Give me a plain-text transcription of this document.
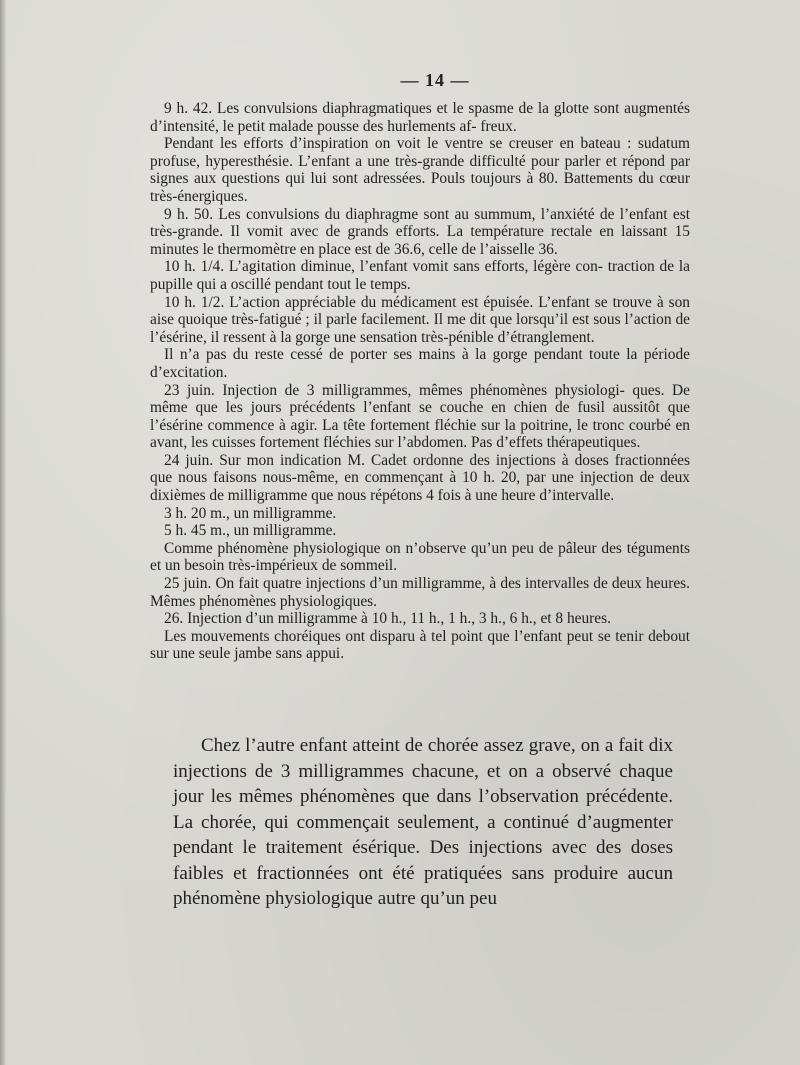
— 14 —

9 h. 42. Les convulsions diaphragmatiques et le spasme de la glotte sont augmentés d’intensité, le petit malade pousse des hurlements af- freux.

Pendant les efforts d’inspiration on voit le ventre se creuser en bateau : sudatum profuse, hyperesthésie. L’enfant a une très-grande difficulté pour parler et répond par signes aux questions qui lui sont adressées. Pouls toujours à 80. Battements du cœur très-énergiques.

9 h. 50. Les convulsions du diaphragme sont au summum, l’anxiété de l’enfant est très-grande. Il vomit avec de grands efforts. La température rectale en laissant 15 minutes le thermomètre en place est de 36.6, celle de l’aisselle 36.

10 h. 1/4. L’agitation diminue, l’enfant vomit sans efforts, légère con- traction de la pupille qui a oscillé pendant tout le temps.

10 h. 1/2. L’action appréciable du médicament est épuisée. L’enfant se trouve à son aise quoique très-fatigué ; il parle facilement. Il me dit que lorsqu’il est sous l’action de l’ésérine, il ressent à la gorge une sensation très-pénible d’étranglement.

Il n’a pas du reste cessé de porter ses mains à la gorge pendant toute la période d’excitation.

23 juin. Injection de 3 milligrammes, mêmes phénomènes physiologi- ques. De même que les jours précédents l’enfant se couche en chien de fusil aussitôt que l’ésérine commence à agir. La tête fortement fléchie sur la poitrine, le tronc courbé en avant, les cuisses fortement fléchies sur l’abdomen. Pas d’effets thérapeutiques.

24 juin. Sur mon indication M. Cadet ordonne des injections à doses fractionnées que nous faisons nous-même, en commençant à 10 h. 20, par une injection de deux dixièmes de milligramme que nous répétons 4 fois à une heure d’intervalle.

3 h. 20 m., un milligramme.

5 h. 45 m., un milligramme.

Comme phénomène physiologique on n’observe qu’un peu de pâleur des téguments et un besoin très-impérieux de sommeil.

25 juin. On fait quatre injections d’un milligramme, à des intervalles de deux heures. Mêmes phénomènes physiologiques.

26. Injection d’un milligramme à 10 h., 11 h., 1 h., 3 h., 6 h., et 8 heures.

Les mouvements choréiques ont disparu à tel point que l’enfant peut se tenir debout sur une seule jambe sans appui.

Chez l’autre enfant atteint de chorée assez grave, on a fait dix injections de 3 milligrammes chacune, et on a observé chaque jour les mêmes phénomènes que dans l’observation précédente. La chorée, qui commençait seulement, a continué d’augmenter pendant le traitement ésérique. Des injections avec des doses faibles et fractionnées ont été pratiquées sans produire aucun phénomène physiologique autre qu’un peu
